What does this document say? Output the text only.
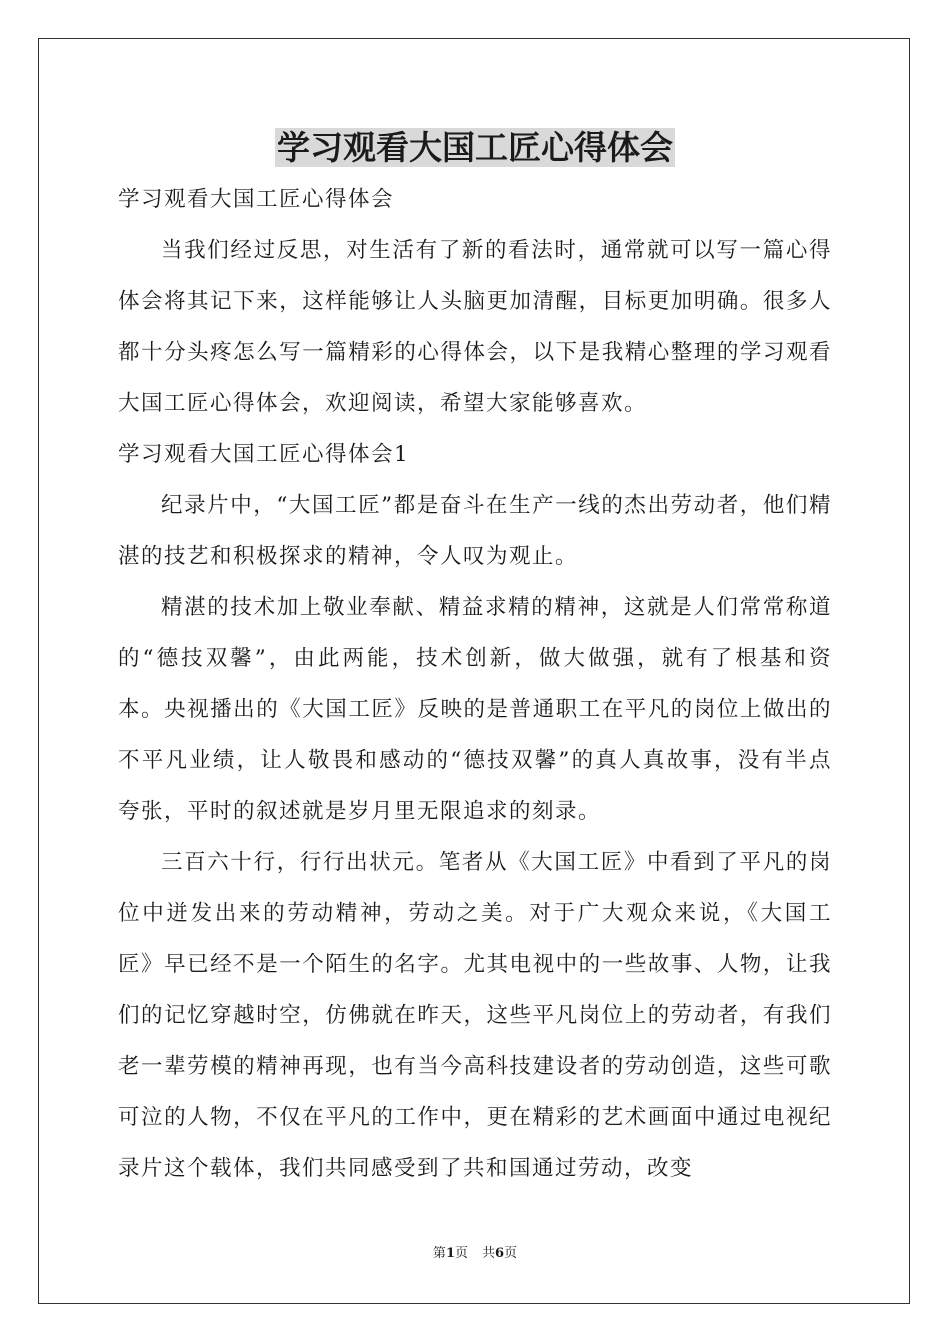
学习观看大国工匠心得体会

学习观看大国工匠心得体会

当我们经过反思，对生活有了新的看法时，通常就可以写一篇心得体会将其记下来，这样能够让人头脑更加清醒，目标更加明确。很多人都十分头疼怎么写一篇精彩的心得体会，以下是我精心整理的学习观看大国工匠心得体会，欢迎阅读，希望大家能够喜欢。

学习观看大国工匠心得体会1

纪录片中，“大国工匠”都是奋斗在生产一线的杰出劳动者，他们精湛的技艺和积极探求的精神，令人叹为观止。

精湛的技术加上敬业奉献、精益求精的精神，这就是人们常常称道的“德技双馨”，由此两能，技术创新，做大做强，就有了根基和资本。央视播出的《大国工匠》反映的是普通职工在平凡的岗位上做出的不平凡业绩，让人敬畏和感动的“德技双馨”的真人真故事，没有半点夸张，平时的叙述就是岁月里无限追求的刻录。

三百六十行，行行出状元。笔者从《大国工匠》中看到了平凡的岗位中迸发出来的劳动精神，劳动之美。对于广大观众来说，《大国工匠》早已经不是一个陌生的名字。尤其电视中的一些故事、人物，让我们的记忆穿越时空，仿佛就在昨天，这些平凡岗位上的劳动者，有我们老一辈劳模的精神再现，也有当今高科技建设者的劳动创造，这些可歌可泣的人物，不仅在平凡的工作中，更在精彩的艺术画面中通过电视纪录片这个载体，我们共同感受到了共和国通过劳动，改变

第1页 共6页
